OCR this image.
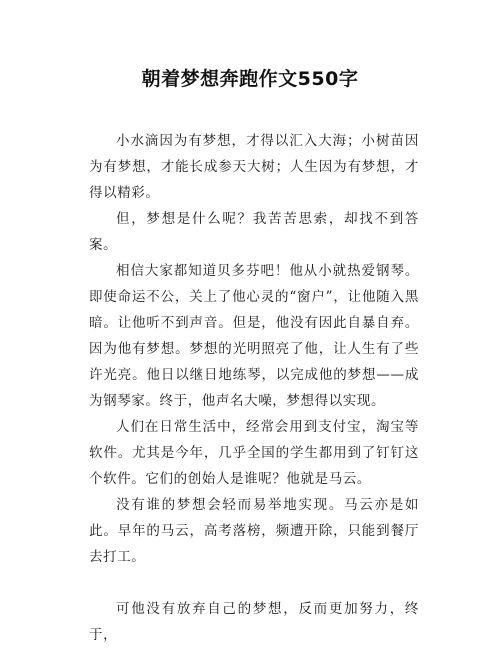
朝着梦想奔跑作文550字

小水滴因为有梦想，才得以汇入大海；小树苗因为有梦想，才能长成参天大树；人生因为有梦想，才得以精彩。

但，梦想是什么呢？我苦苦思索，却找不到答案。

相信大家都知道贝多芬吧！他从小就热爱钢琴。即使命运不公，关上了他心灵的“窗户”，让他随入黑暗。让他听不到声音。但是，他没有因此自暴自弃。因为他有梦想。梦想的光明照亮了他，让人生有了些许光亮。他日以继日地练琴，以完成他的梦想——成为钢琴家。终于，他声名大噪，梦想得以实现。

人们在日常生活中，经常会用到支付宝，淘宝等软件。尤其是今年，几乎全国的学生都用到了钉钉这个软件。它们的创始人是谁呢？他就是马云。

没有谁的梦想会轻而易举地实现。马云亦是如此。早年的马云，高考落榜，频遭开除，只能到餐厅去打工。

可他没有放弃自己的梦想，反而更加努力，终于，
